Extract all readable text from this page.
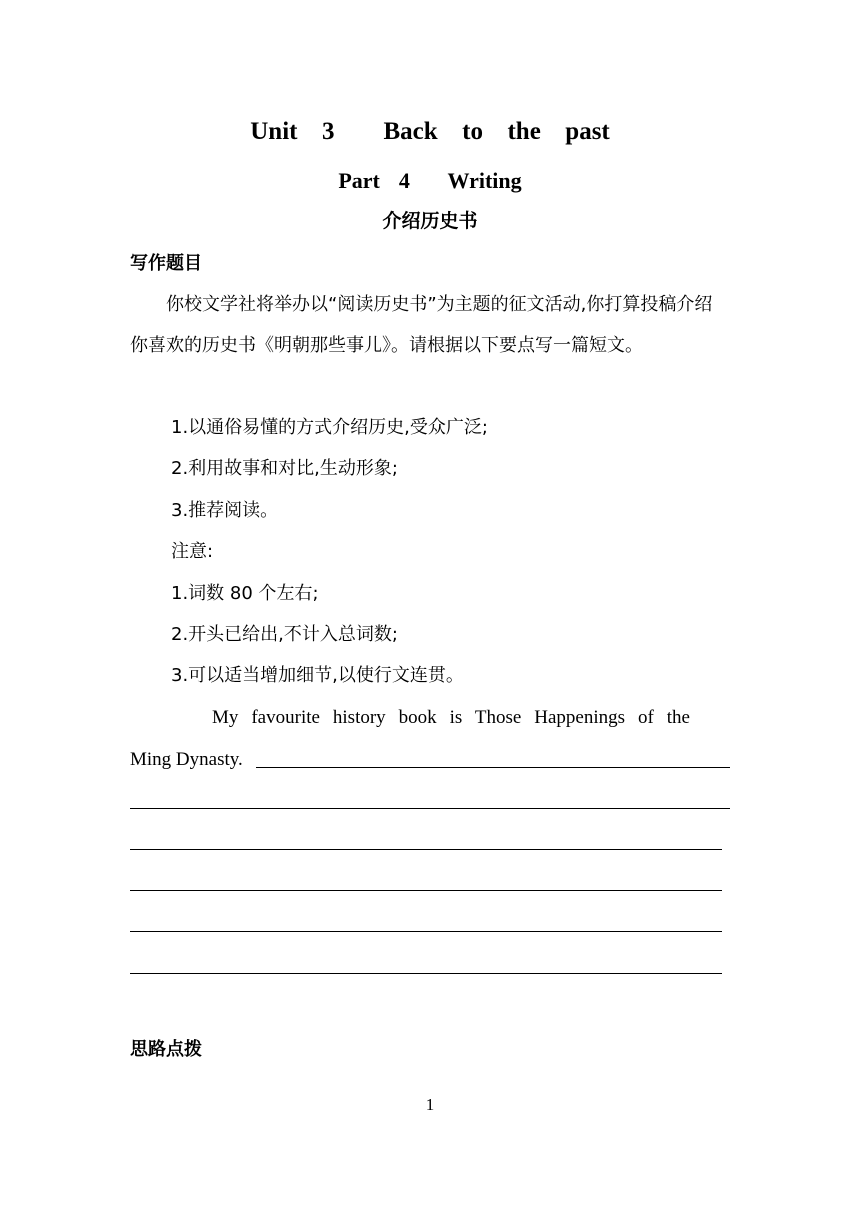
Unit  3    Back  to  the  past
Part  4    Writing
介绍历史书
写作题目
你校文学社将举办以“阅读历史书”为主题的征文活动,你打算投稿介绍你喜欢的历史书《明朝那些事儿》。请根据以下要点写一篇短文。
1.以通俗易懂的方式介绍历史,受众广泛;
2.利用故事和对比,生动形象;
3.推荐阅读。
注意:
1.词数 80 个左右;
2.开头已给出,不计入总词数;
3.可以适当增加细节,以使行文连贯。
My favourite history book is Those Happenings of the
Ming Dynasty.
思路点拨
1
